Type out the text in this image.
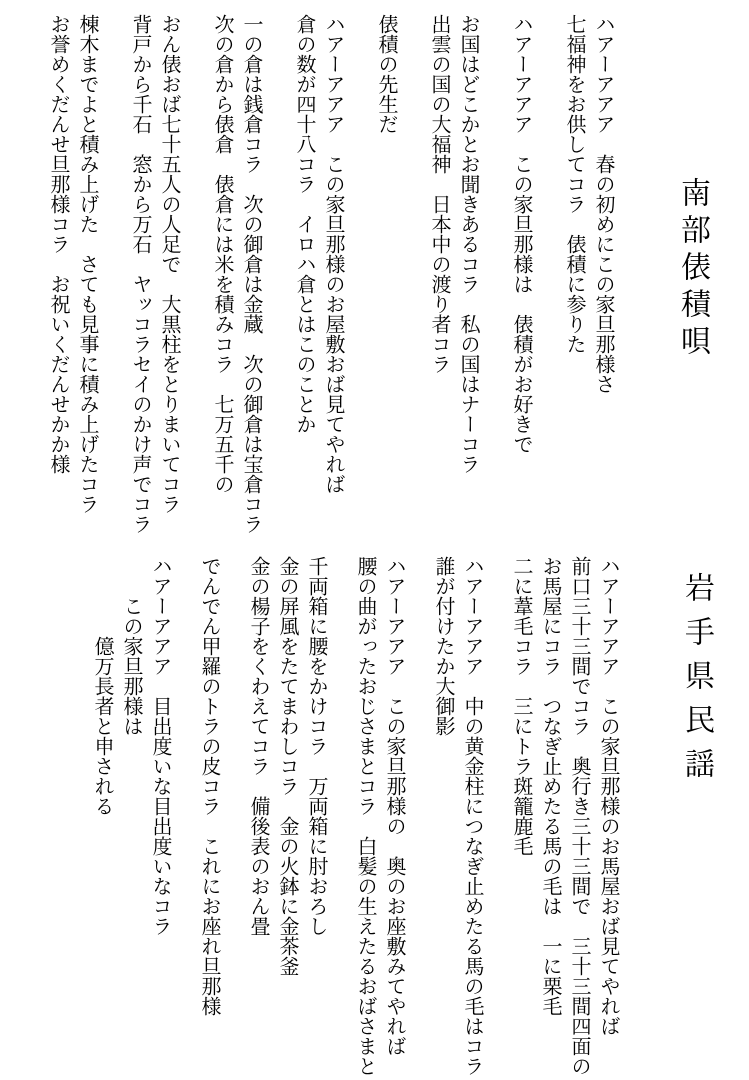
南部俵積唄

ハアーアアア　春の初めにこの家旦那様さ

七福神をお供してコラ　俵積に参りた

ハアーアアア　この家旦那様は　俵積がお好きで

お国はどこかとお聞きあるコラ　私の国はナーコラ

出雲の国の大福神　日本中の渡り者コラ

俵積の先生だ

ハアーアアア　この家旦那様のお屋敷おば見てやれば

倉の数が四十八コラ　イロハ倉とはこのことか

一の倉は銭倉コラ　次の御倉は金蔵　次の御倉は宝倉コラ

次の倉から俵倉　俵倉には米を積みコラ　七万五千の

おん俵おば七十五人の人足で　大黒柱をとりまいてコラ

背戸から千石　窓から万石　ヤッコラセイのかけ声でコラ

棟木までよと積み上げた　さても見事に積み上げたコラ

お誉めくだんせ旦那様コラ　お祝いくだんせかか様

岩手県民謡

ハアーアアア　この家旦那様のお馬屋おば見てやれば

前口三十三間でコラ　奥行き三十三間で　三十三間四面の

お馬屋にコラ　つなぎ止めたる馬の毛は　一に栗毛

二に葦毛コラ　三にトラ斑籠鹿毛

ハアーアアア　中の黄金柱につなぎ止めたる馬の毛はコラ

誰が付けたか大御影

ハアーアアア　この家旦那様の　奥のお座敷みてやれば

腰の曲がったおじさまとコラ　白髪の生えたるおばさまと

千両箱に腰をかけコラ　万両箱に肘おろし

金の屏風をたてまわしコラ　金の火鉢に金茶釜

金の楊子をくわえてコラ　備後表のおん畳

でんでん甲羅のトラの皮コラ　これにお座れ旦那様

ハアーアアア　目出度いな目出度いなコラ

この家旦那様は

億万長者と申される
